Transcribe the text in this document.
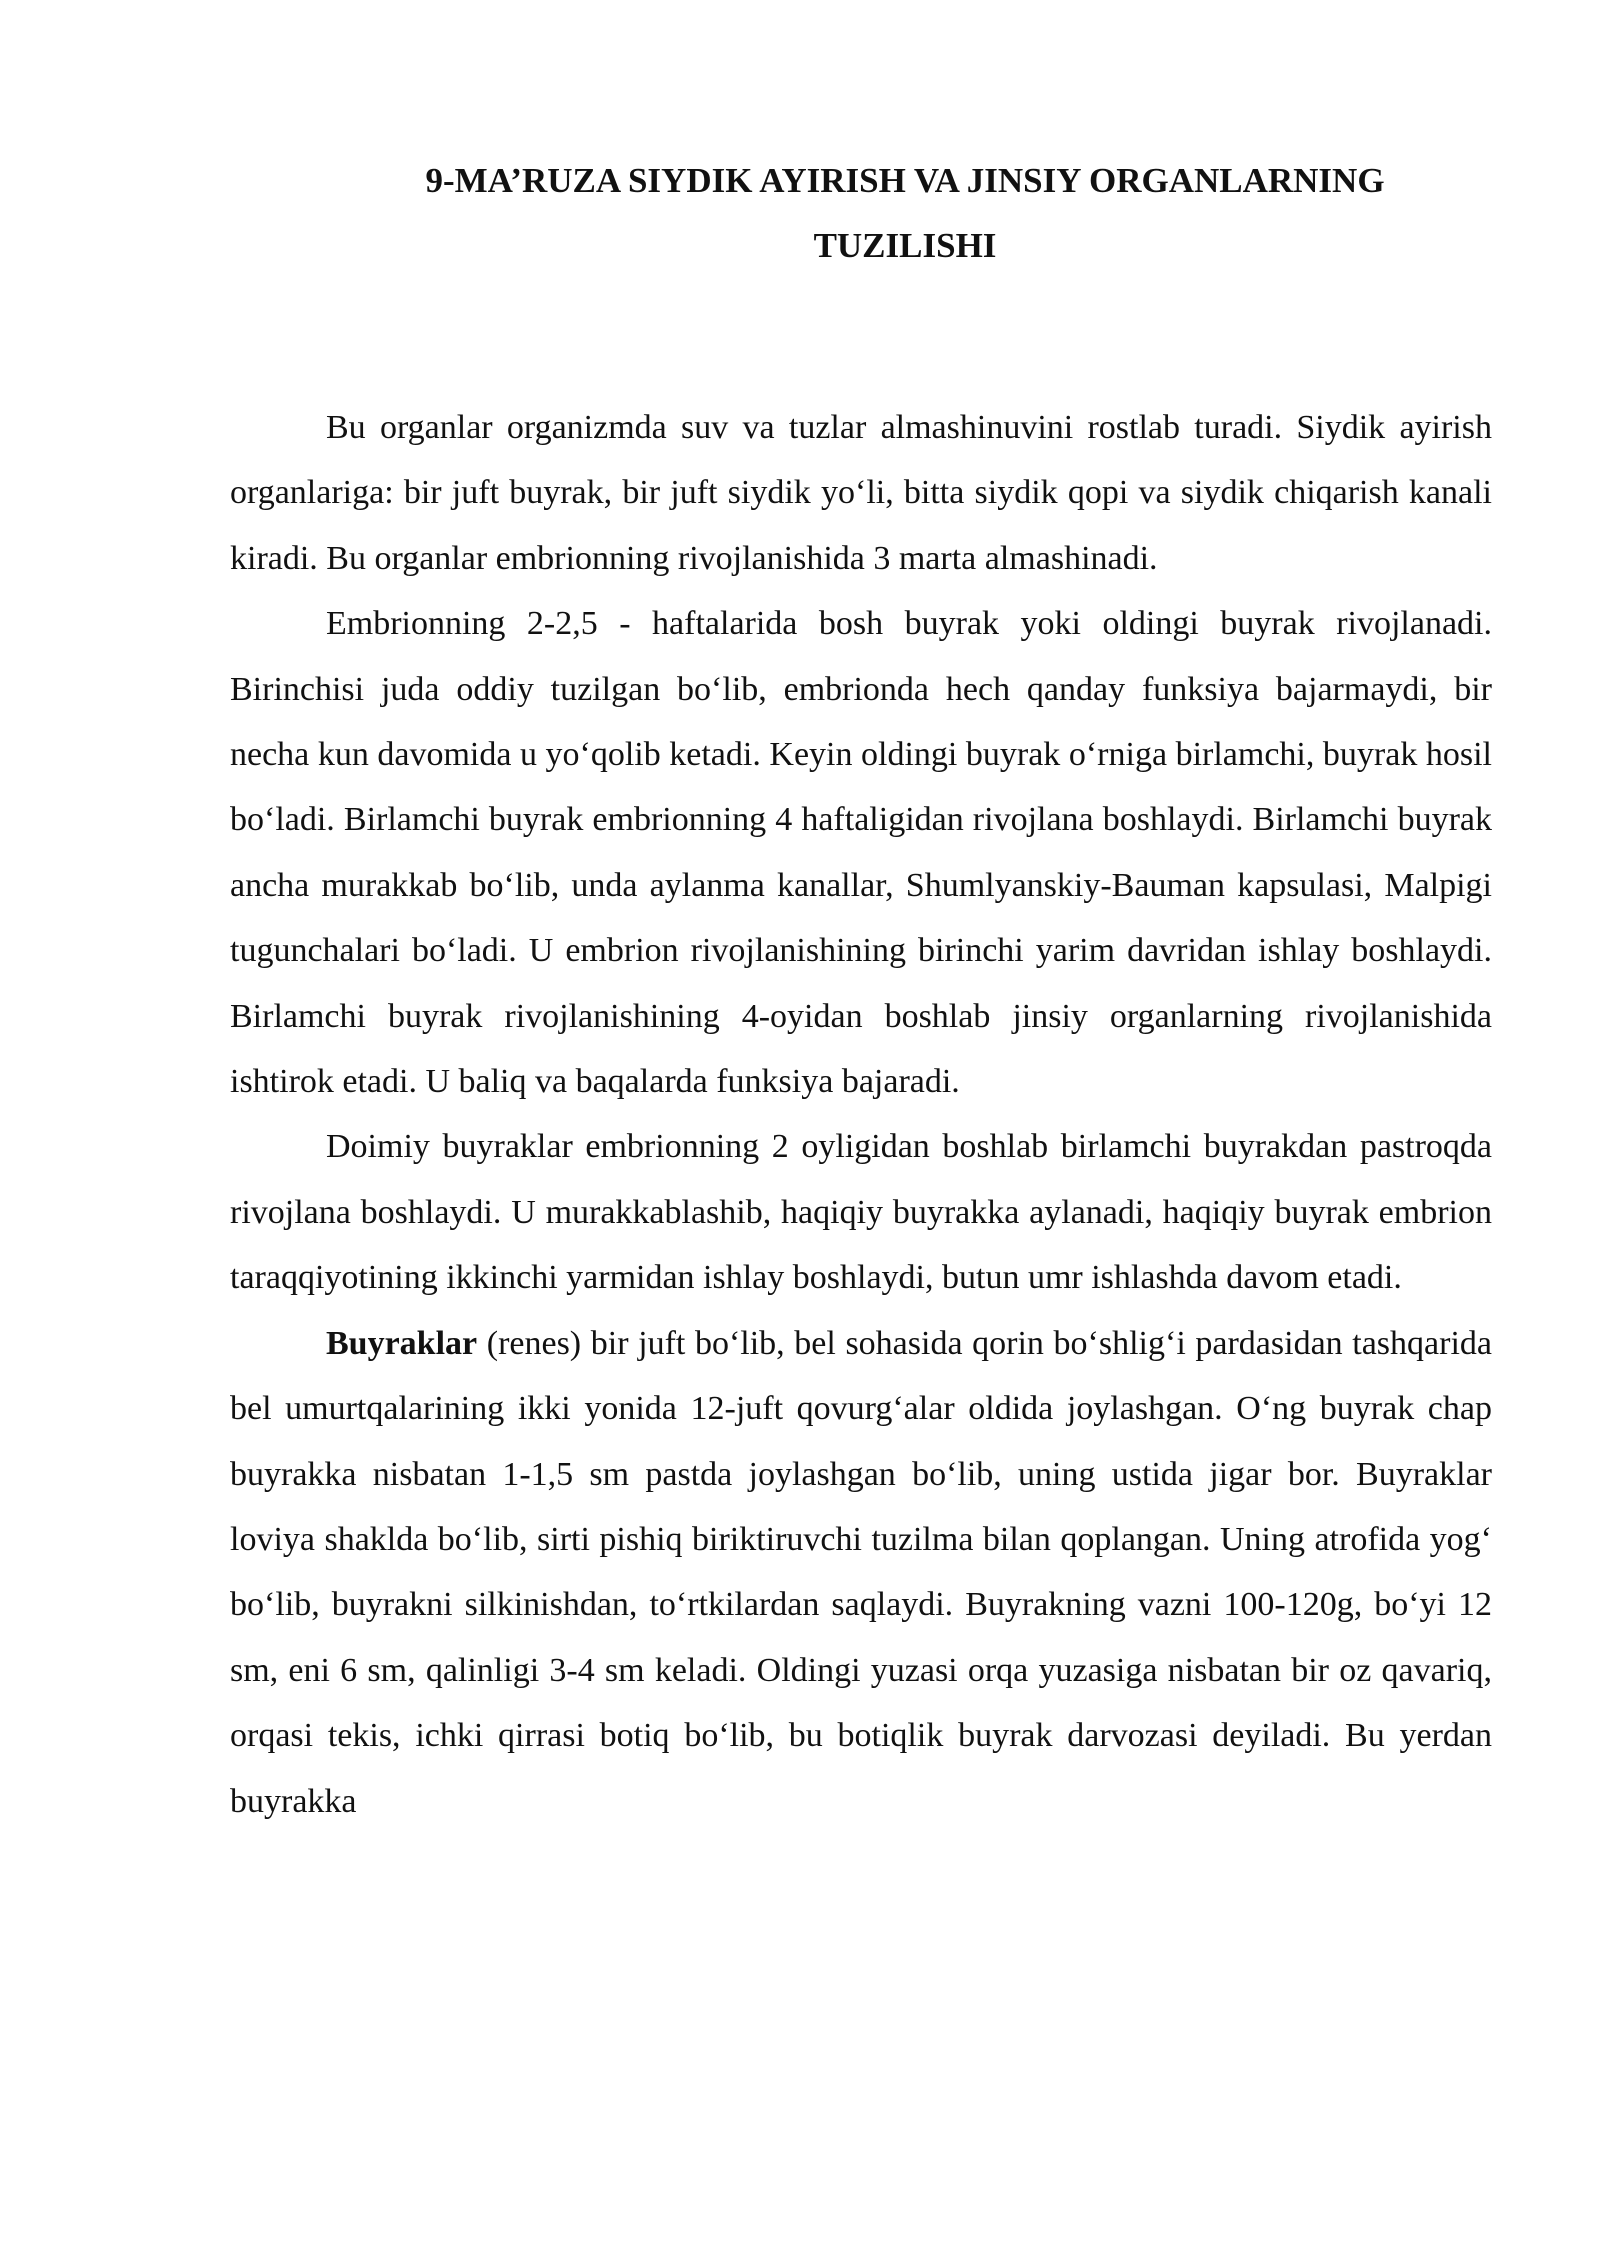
9-MA’RUZA SIYDIK AYIRISH VA JINSIY ORGANLARNING
TUZILISHI

Bu organlar organizmda suv va tuzlar almashinuvini rostlab turadi. Siydik ayirish organlariga: bir juft buyrak, bir juft siydik yo‘li, bitta siydik qopi va siydik chiqarish kanali kiradi. Bu organlar embrionning rivojlanishida 3 marta almashinadi.

Embrionning 2-2,5 - haftalarida bosh buyrak yoki oldingi buyrak rivojlanadi. Birinchisi juda oddiy tuzilgan bo‘lib, embrionda hech qanday funksiya bajarmaydi, bir necha kun davomida u yo‘qolib ketadi. Keyin oldingi buyrak o‘rniga birlamchi, buyrak hosil bo‘ladi. Birlamchi buyrak embrionning 4 haftaligidan rivojlana boshlaydi. Birlamchi buyrak ancha murakkab bo‘lib, unda aylanma kanallar, Shumlyanskiy-Bauman kapsulasi, Malpigi tugunchalari bo‘ladi. U embrion rivojlanishining birinchi yarim davridan ishlay boshlaydi. Birlamchi buyrak rivojlanishining 4-oyidan boshlab jinsiy organlarning rivojlanishida ishtirok etadi. U baliq va baqalarda funksiya bajaradi.

Doimiy buyraklar embrionning 2 oyligidan boshlab birlamchi buyrakdan pastroqda rivojlana boshlaydi. U murakkablashib, haqiqiy buyrakka aylanadi, haqiqiy buyrak embrion taraqqiyotining ikkinchi yarmidan ishlay boshlaydi, butun umr ishlashda davom etadi.

Buyraklar (renes) bir juft bo‘lib, bel sohasida qorin bo‘shlig‘i pardasidan tashqarida bel umurtqalarining ikki yonida 12-juft qovurg‘alar oldida joylashgan. O‘ng buyrak chap buyrakka nisbatan 1-1,5 sm pastda joylashgan bo‘lib, uning ustida jigar bor. Buyraklar loviya shaklda bo‘lib, sirti pishiq biriktiruvchi tuzilma bilan qoplangan. Uning atrofida yog‘ bo‘lib, buyrakni silkinishdan, to‘rtkilardan saqlaydi. Buyrakning vazni 100-120g, bo‘yi 12 sm, eni 6 sm, qalinligi 3-4 sm keladi. Oldingi yuzasi orqa yuzasiga nisbatan bir oz qavariq, orqasi tekis, ichki qirrasi botiq bo‘lib, bu botiqlik buyrak darvozasi deyiladi. Bu yerdan buyrakka
